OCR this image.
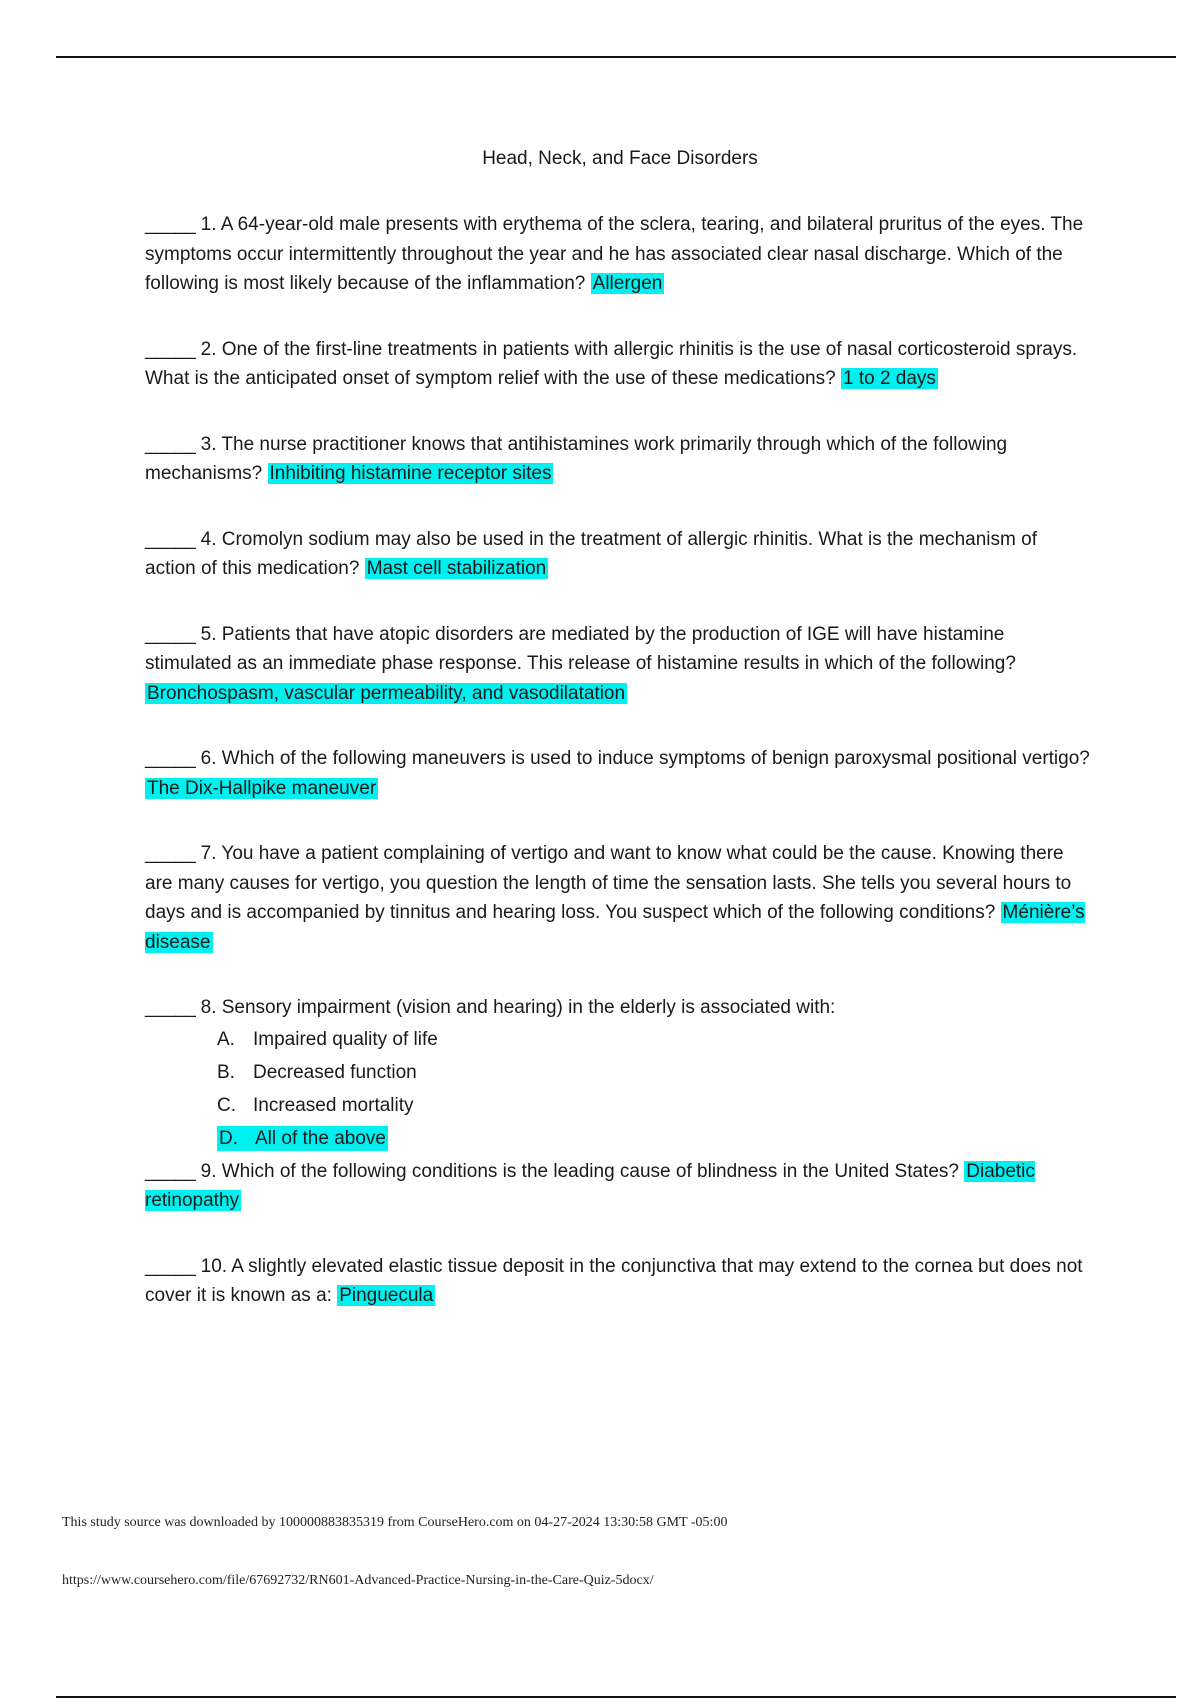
Head, Neck, and Face Disorders

_____ 1. A 64-year-old male presents with erythema of the sclera, tearing, and bilateral pruritus of the eyes. The symptoms occur intermittently throughout the year and he has associated clear nasal discharge. Which of the following is most likely because of the inflammation? Allergen

_____ 2. One of the first-line treatments in patients with allergic rhinitis is the use of nasal corticosteroid sprays. What is the anticipated onset of symptom relief with the use of these medications? 1 to 2 days

_____ 3. The nurse practitioner knows that antihistamines work primarily through which of the following mechanisms? Inhibiting histamine receptor sites

_____ 4. Cromolyn sodium may also be used in the treatment of allergic rhinitis. What is the mechanism of action of this medication? Mast cell stabilization

_____ 5. Patients that have atopic disorders are mediated by the production of IGE will have histamine stimulated as an immediate phase response. This release of histamine results in which of the following? Bronchospasm, vascular permeability, and vasodilatation

_____ 6. Which of the following maneuvers is used to induce symptoms of benign paroxysmal positional vertigo? The Dix-Hallpike maneuver

_____ 7. You have a patient complaining of vertigo and want to know what could be the cause. Knowing there are many causes for vertigo, you question the length of time the sensation lasts. She tells you several hours to days and is accompanied by tinnitus and hearing loss. You suspect which of the following conditions? Ménière’s disease

_____ 8. Sensory impairment (vision and hearing) in the elderly is associated with:
A. Impaired quality of life
B. Decreased function
C. Increased mortality
D. All of the above

_____ 9. Which of the following conditions is the leading cause of blindness in the United States? Diabetic retinopathy

_____ 10. A slightly elevated elastic tissue deposit in the conjunctiva that may extend to the cornea but does not cover it is known as a: Pinguecula

This study source was downloaded by 100000883835319 from CourseHero.com on 04-27-2024 13:30:58 GMT -05:00
https://www.coursehero.com/file/67692732/RN601-Advanced-Practice-Nursing-in-the-Care-Quiz-5docx/
